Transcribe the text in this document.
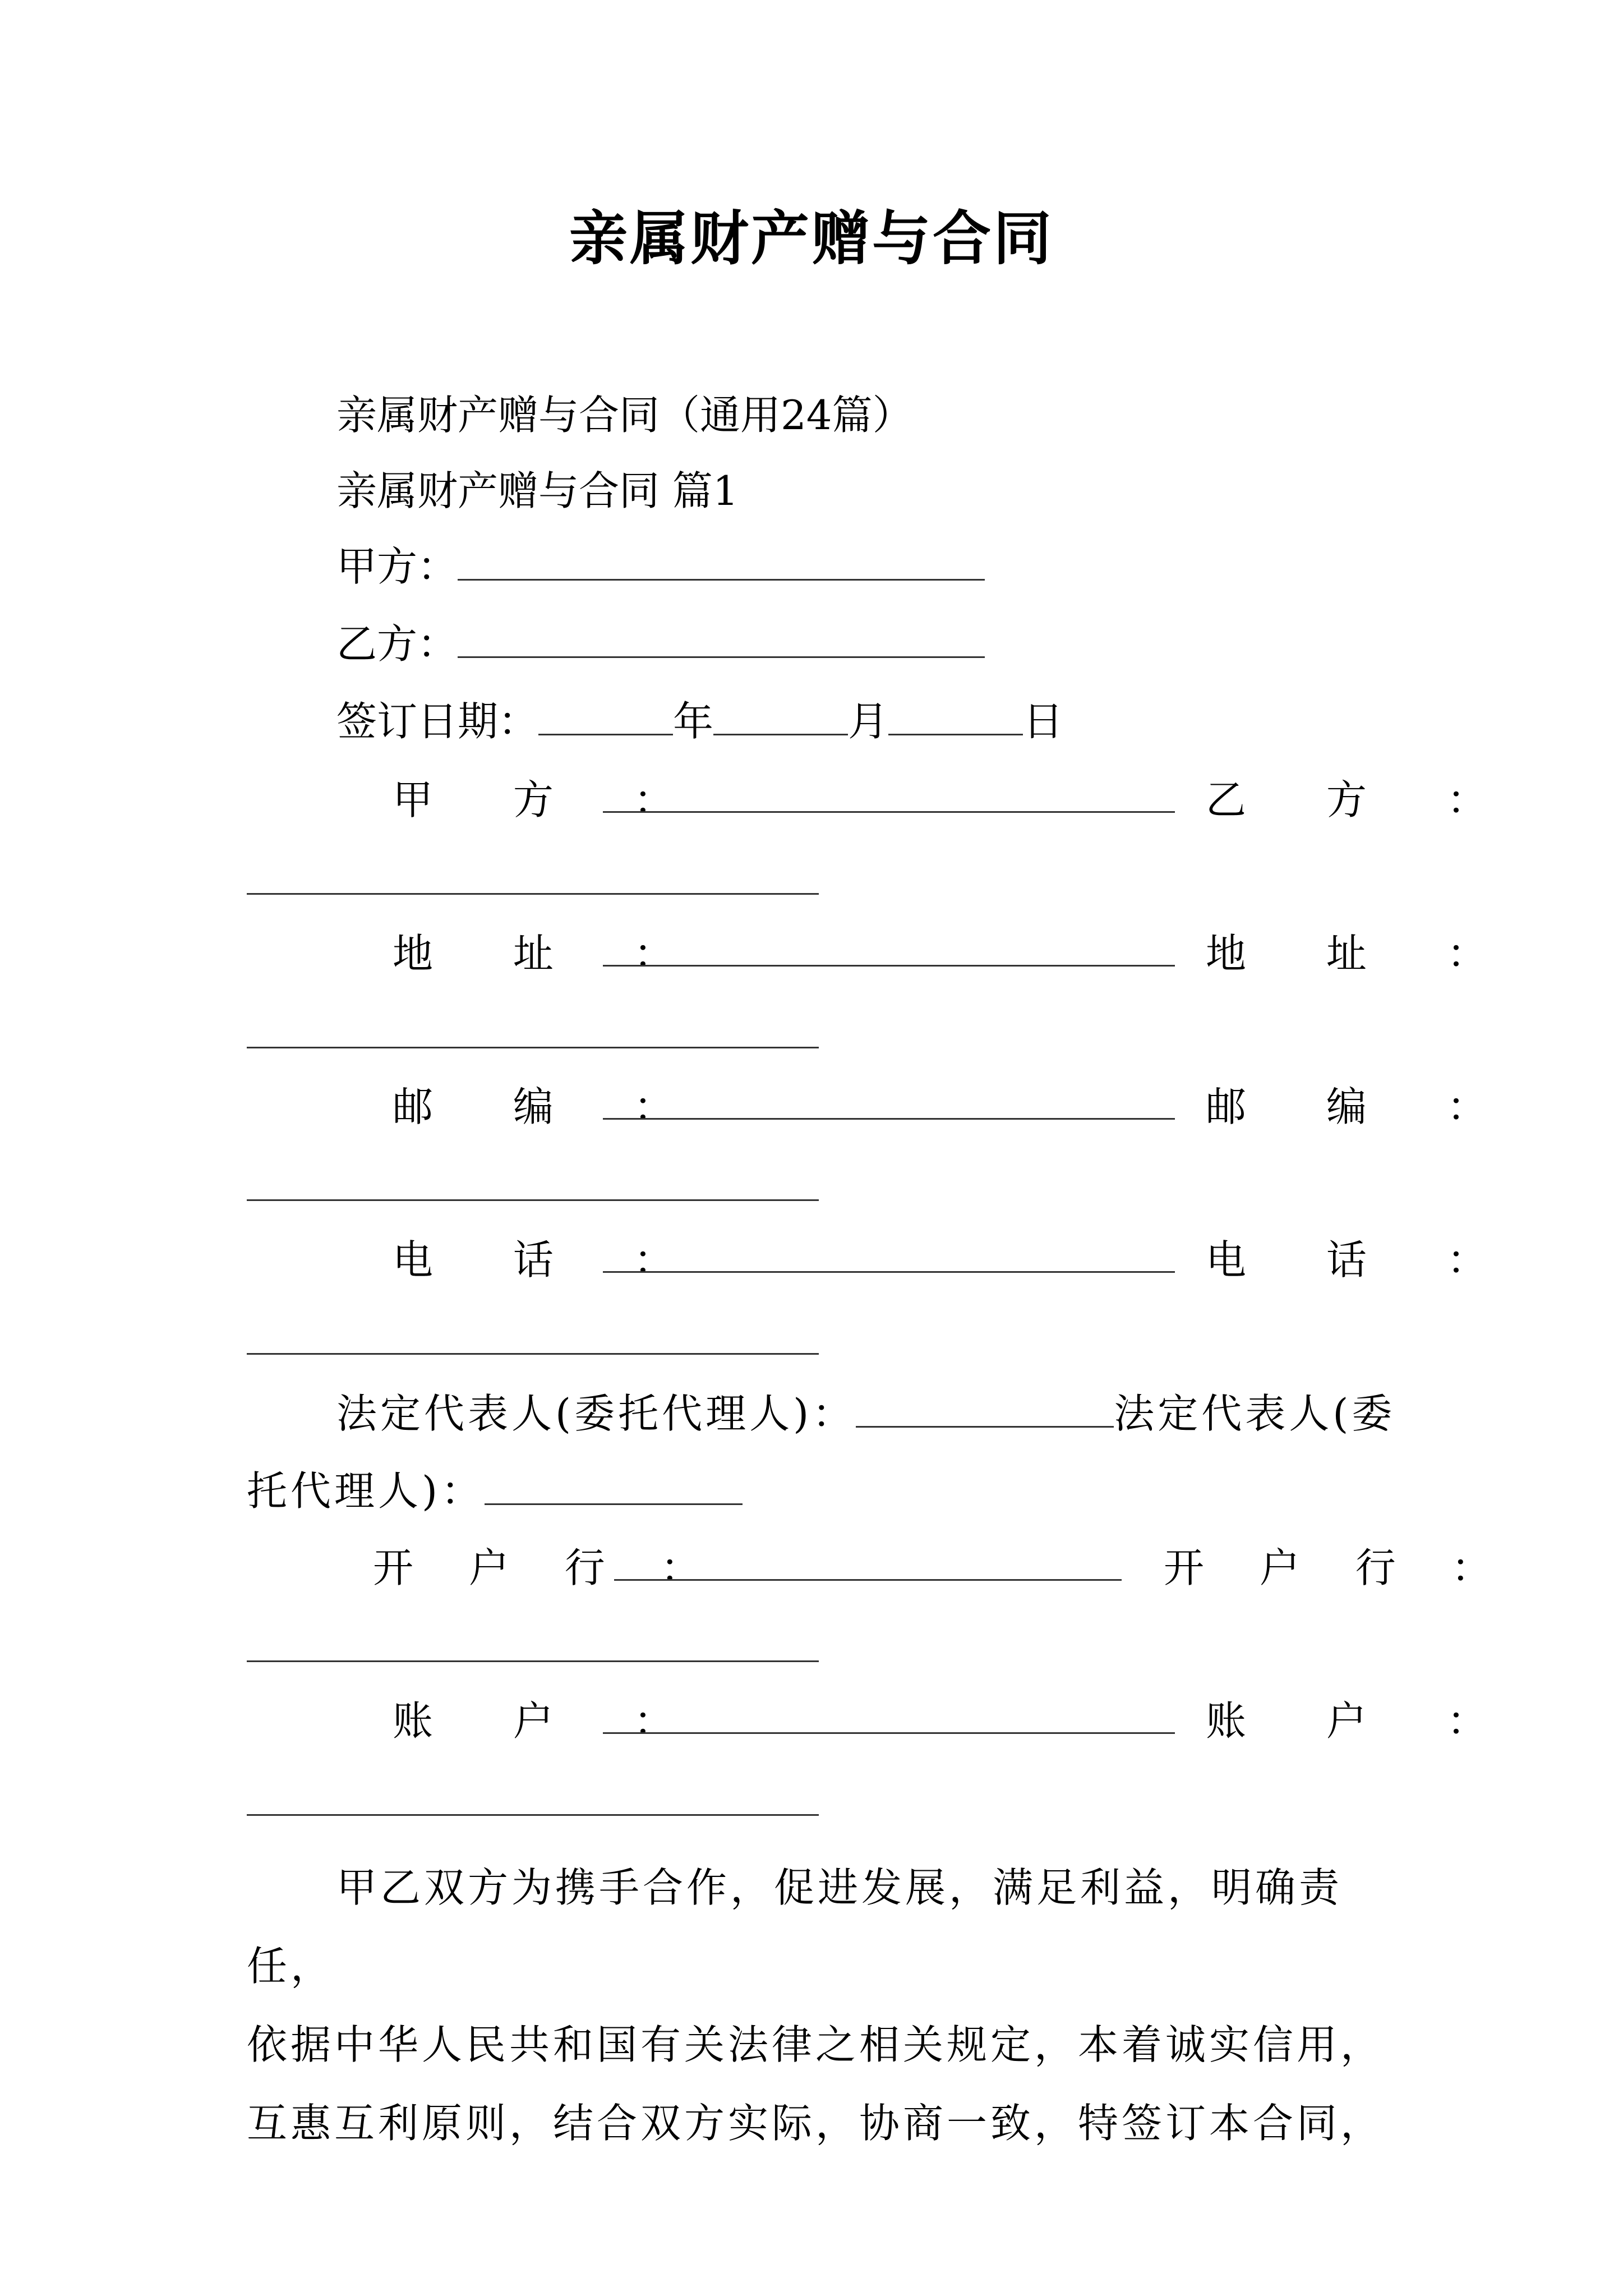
亲属财产赠与合同
亲属财产赠与合同（通用24篇）
亲属财产赠与合同 篇1
甲方：
乙方：
签订日期：	年	月	日
甲 方 ：	乙 方 ：
地 址 ：	地 址 ：
邮 编 ：	邮 编 ：
电 话 ：	电 话 ：
法定代表人(委托代理人)：	法定代表人(委
托代理人)：
开 户 行 ：	开 户 行 ：
账 户 ：	账 户 ：
甲乙双方为携手合作，促进发展，满足利益，明确责任，
依据中华人民共和国有关法律之相关规定，本着诚实信用，
互惠互利原则，结合双方实际，协商一致，特签订本合同，
